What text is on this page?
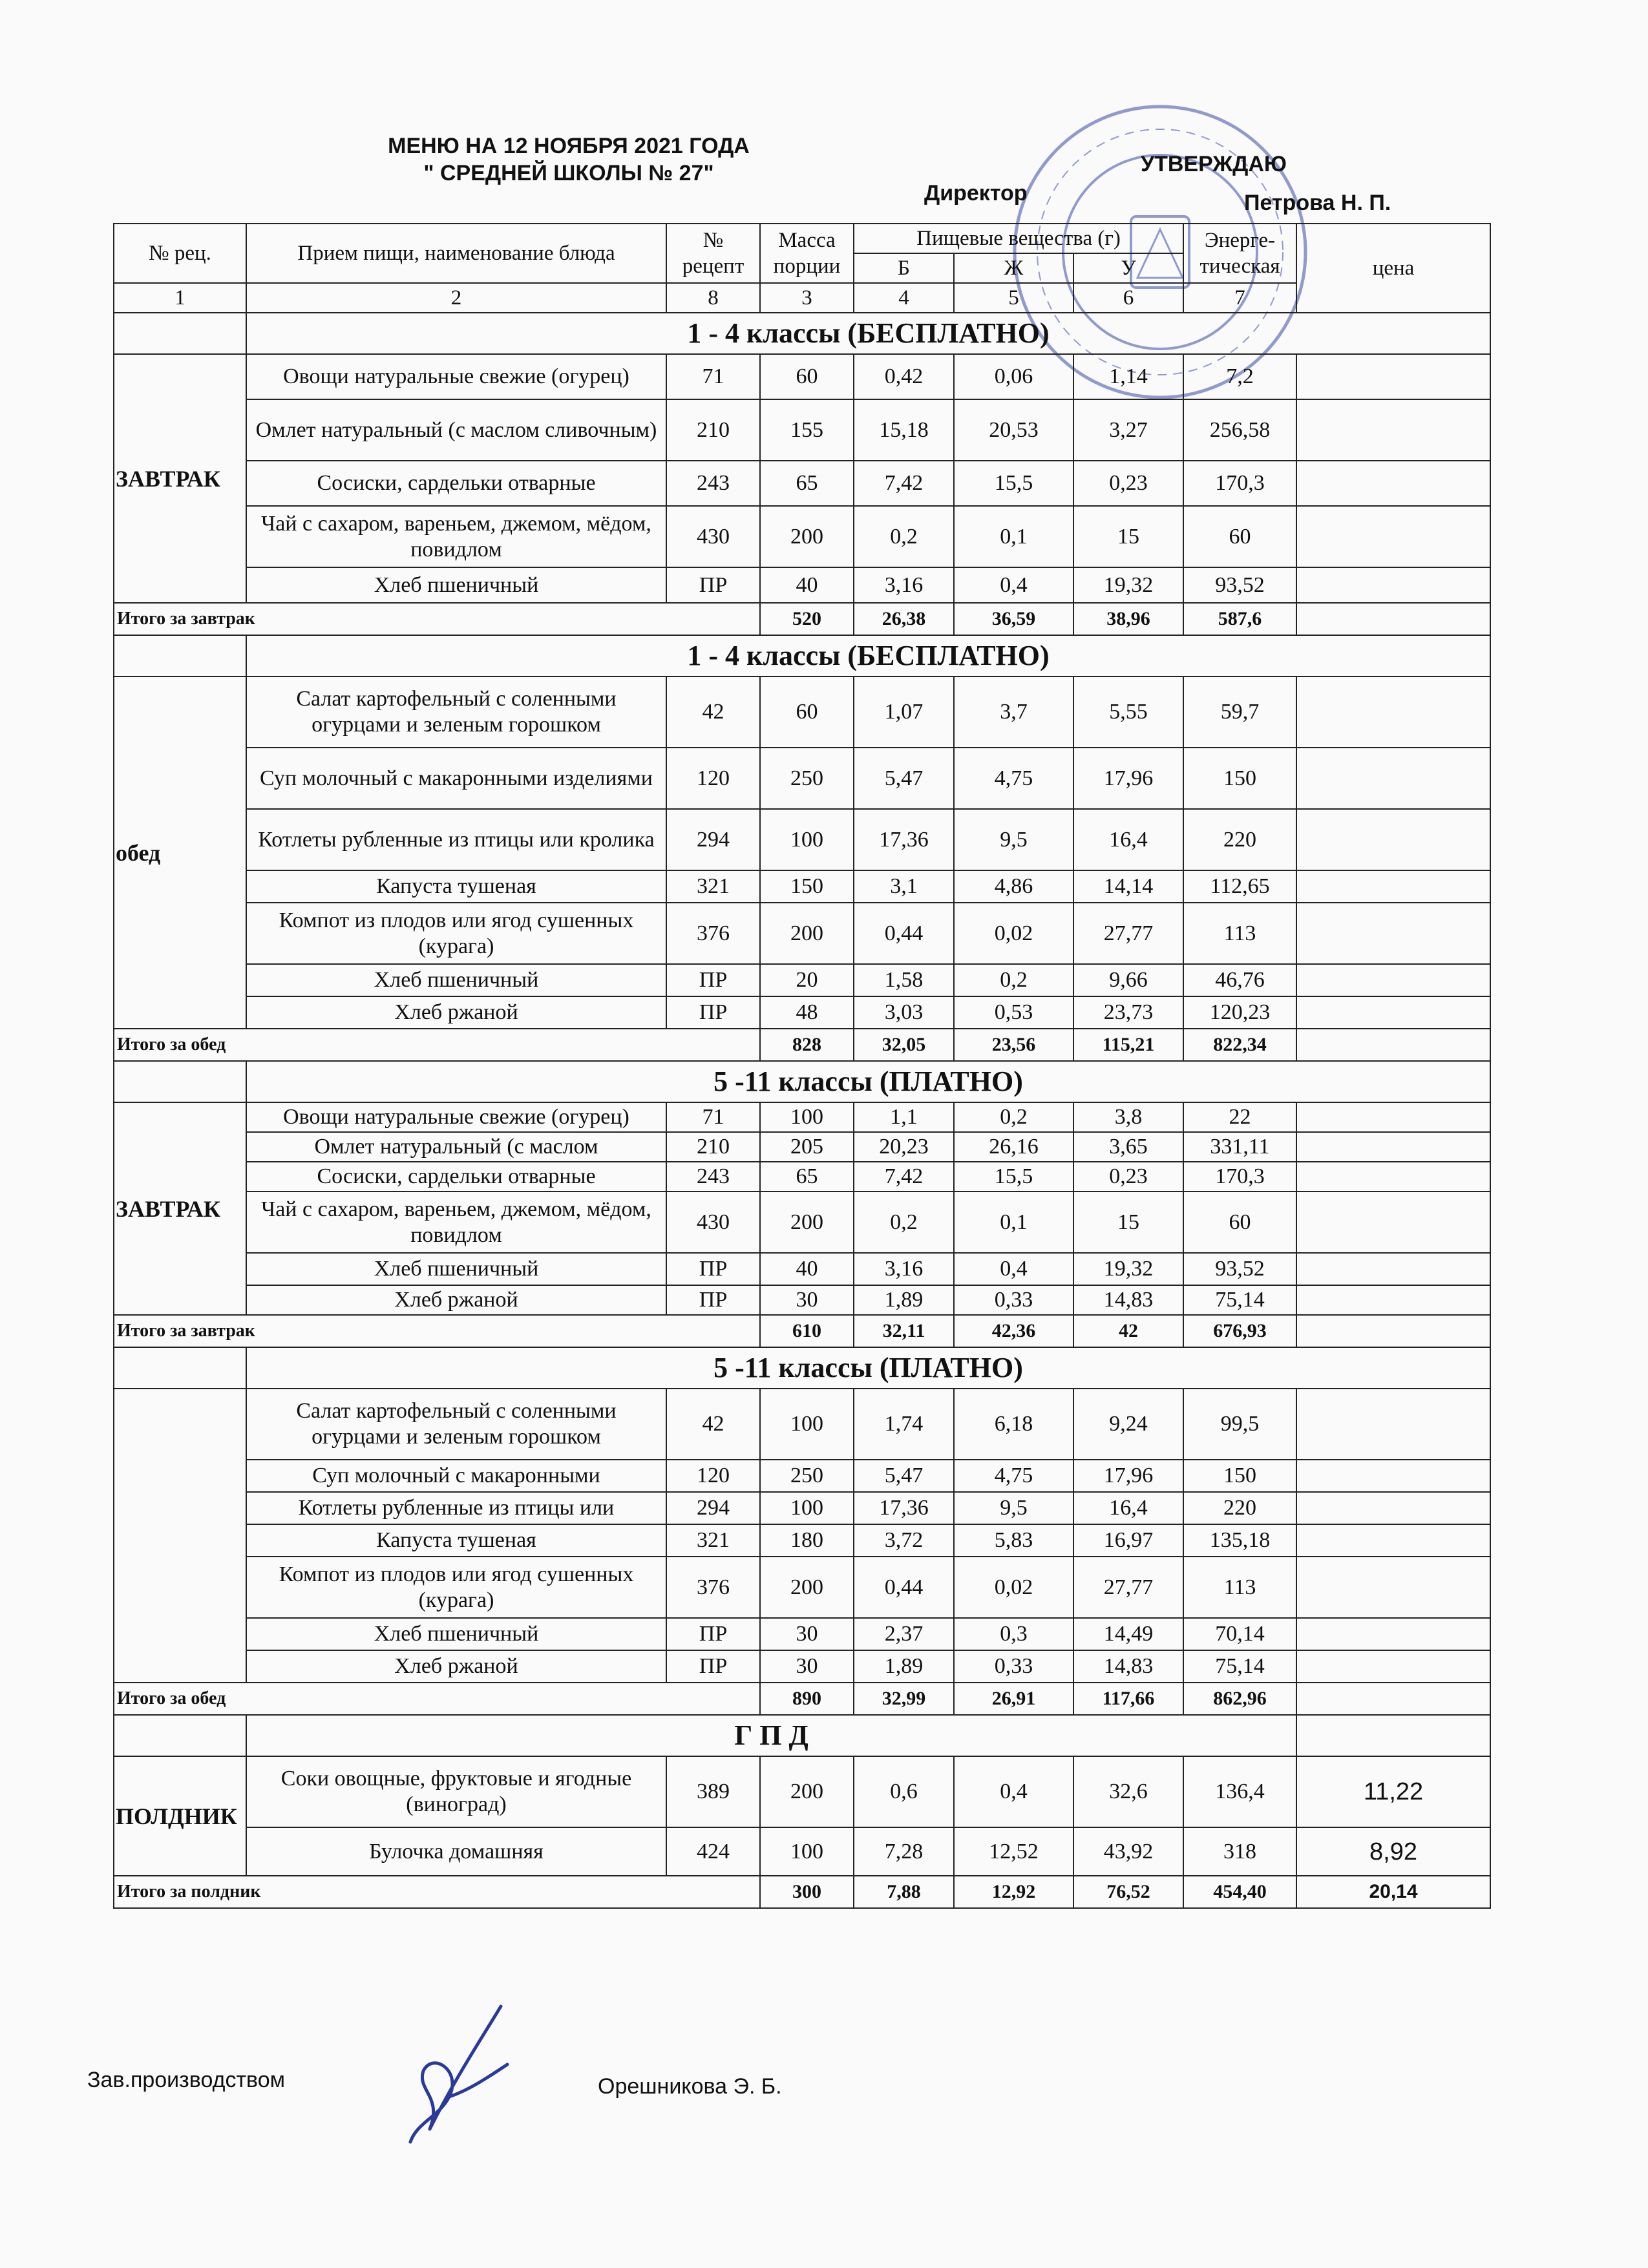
МЕНЮ НА 12 НОЯБРЯ 2021 ГОДА
" СРЕДНЕЙ ШКОЛЫ № 27"	УТВЕРЖДАЮ
Директор	Петрова Н. П.
№ рец.	Прием пищи, наименование блюда	№ рецепт	Масса порции	Пищевые вещества (г)			Энерге-тическая	цена
				Б	Ж	У		
1	2	8	3	4	5	6	7	
	1 - 4 классы (БЕСПЛАТНО)							
ЗАВТРАК	Овощи натуральные свежие (огурец)	71	60	0,42	0,06	1,14	7,2	
	Омлет натуральный (с маслом сливочным)	210	155	15,18	20,53	3,27	256,58	
	Сосиски, сардельки отварные	243	65	7,42	15,5	0,23	170,3	
	Чай с сахаром, вареньем, джемом, мёдом, повидлом	430	200	0,2	0,1	15	60	
	Хлеб пшеничный	ПР	40	3,16	0,4	19,32	93,52	
Итого за завтрак			520	26,38	36,59	38,96	587,6	
	1 - 4 классы (БЕСПЛАТНО)							
обед	Салат картофельный с соленными огурцами и зеленым горошком	42	60	1,07	3,7	5,55	59,7	
	Суп молочный с макаронными изделиями	120	250	5,47	4,75	17,96	150	
	Котлеты рубленные из птицы или кролика	294	100	17,36	9,5	16,4	220	
	Капуста тушеная	321	150	3,1	4,86	14,14	112,65	
	Компот из плодов или ягод сушенных (курага)	376	200	0,44	0,02	27,77	113	
	Хлеб пшеничный	ПР	20	1,58	0,2	9,66	46,76	
	Хлеб ржаной	ПР	48	3,03	0,53	23,73	120,23	
Итого за обед			828	32,05	23,56	115,21	822,34	
	5 -11 классы (ПЛАТНО)							
ЗАВТРАК	Овощи натуральные свежие (огурец)	71	100	1,1	0,2	3,8	22	
	Омлет натуральный (с маслом	210	205	20,23	26,16	3,65	331,11	
	Сосиски, сардельки отварные	243	65	7,42	15,5	0,23	170,3	
	Чай с сахаром, вареньем, джемом, мёдом, повидлом	430	200	0,2	0,1	15	60	
	Хлеб пшеничный	ПР	40	3,16	0,4	19,32	93,52	
	Хлеб ржаной	ПР	30	1,89	0,33	14,83	75,14	
Итого за завтрак			610	32,11	42,36	42	676,93	
	5 -11 классы (ПЛАТНО)							
	Салат картофельный с соленными огурцами и зеленым горошком	42	100	1,74	6,18	9,24	99,5	
	Суп молочный с макаронными	120	250	5,47	4,75	17,96	150	
	Котлеты рубленные из птицы или	294	100	17,36	9,5	16,4	220	
	Капуста тушеная	321	180	3,72	5,83	16,97	135,18	
	Компот из плодов или ягод сушенных (курага)	376	200	0,44	0,02	27,77	113	
	Хлеб пшеничный	ПР	30	2,37	0,3	14,49	70,14	
	Хлеб ржаной	ПР	30	1,89	0,33	14,83	75,14	
Итого за обед			890	32,99	26,91	117,66	862,96	
	Г П Д							
ПОЛДНИК	Соки овощные, фруктовые и ягодные (виноград)	389	200	0,6	0,4	32,6	136,4	11,22
	Булочка домашняя	424	100	7,28	12,52	43,92	318	8,92
Итого за полдник			300	7,88	12,92	76,52	454,40	20,14
Зав.производством	Орешникова Э. Б.
